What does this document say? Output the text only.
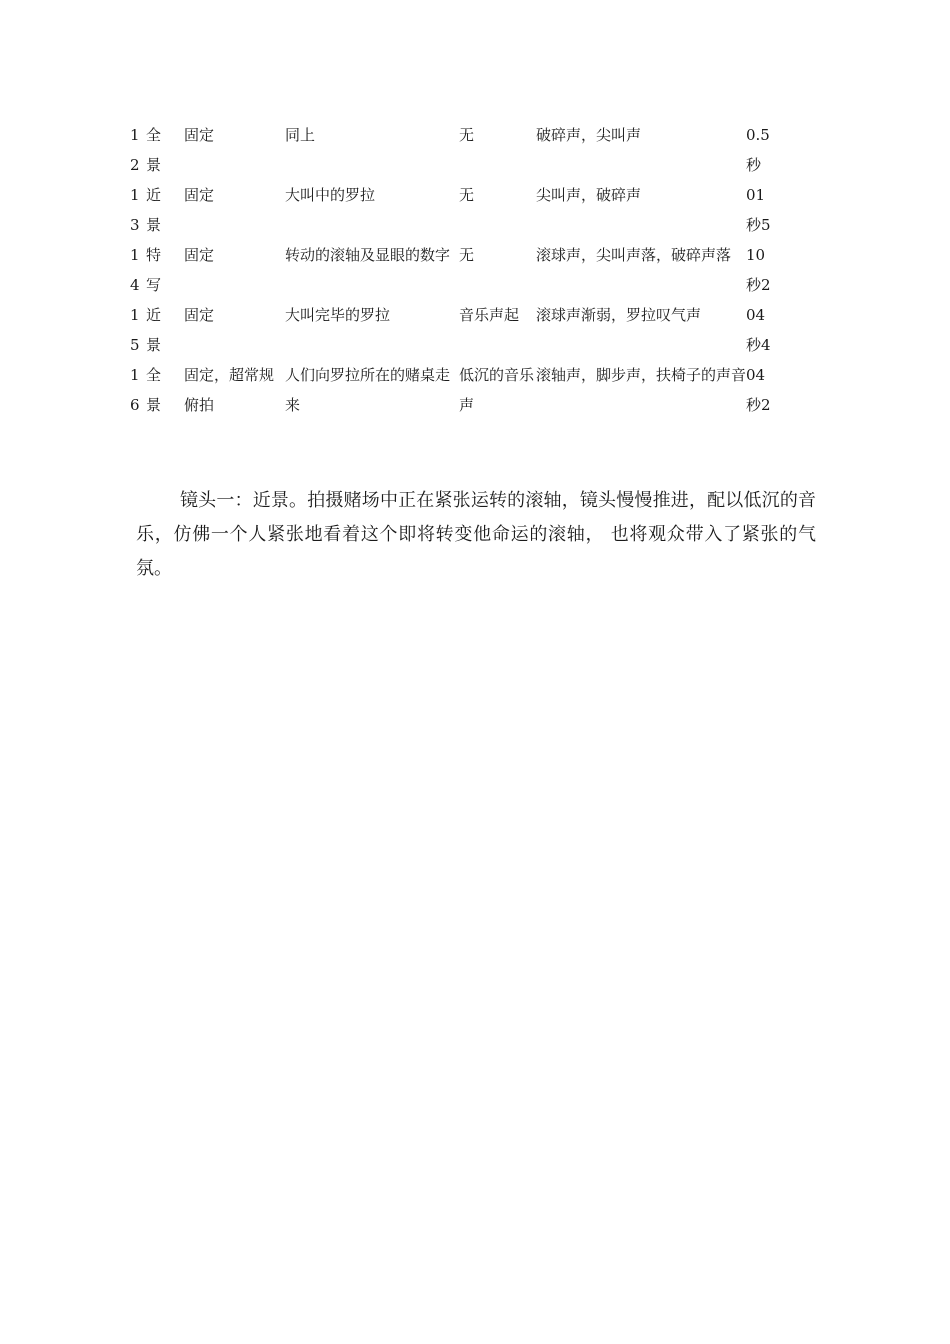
12	全景	固定	同上	无	破碎声，尖叫声	0.5秒

13	近景	固定	大叫中的罗拉	无	尖叫声，破碎声	01秒5

14	特写	固定	转动的滚轴及显眼的数字	无	滚球声，尖叫声落，破碎声落	10秒2

15	近景	固定	大叫完毕的罗拉	音乐声起	滚球声渐弱，罗拉叹气声	04秒4

16	全景	固定，超常规俯拍	人们向罗拉所在的赌桌走来	低沉的音乐声	滚轴声，脚步声，扶椅子的声音	04秒2

镜头一：近景。拍摄赌场中正在紧张运转的滚轴，镜头慢慢推进，配以低沉的音乐，仿佛一个人紧张地看着这个即将转变他命运的滚轴， 也将观众带入了紧张的气氛。
